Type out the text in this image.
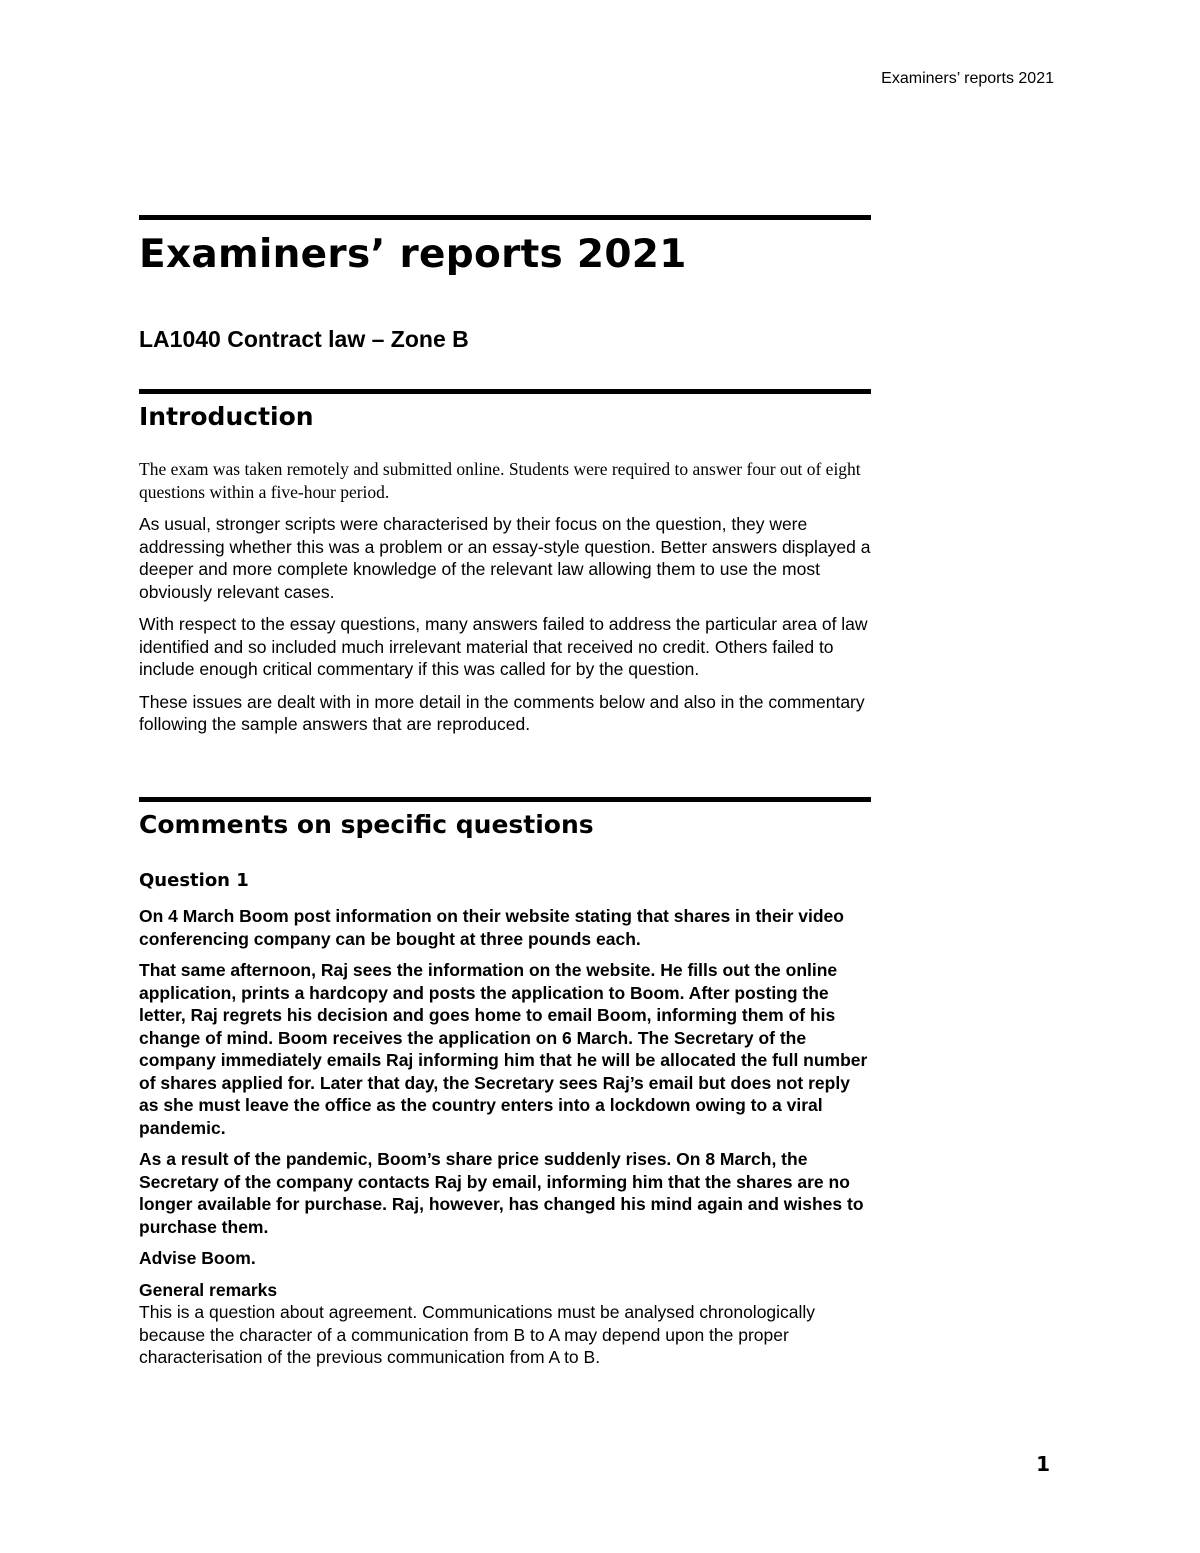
Examiners’ reports 2021
Examiners’ reports 2021
LA1040 Contract law – Zone B
Introduction

The exam was taken remotely and submitted online. Students were required to answer four out of eight questions within a five-hour period.

As usual, stronger scripts were characterised by their focus on the question, they were addressing whether this was a problem or an essay-style question. Better answers displayed a deeper and more complete knowledge of the relevant law allowing them to use the most obviously relevant cases.

With respect to the essay questions, many answers failed to address the particular area of law identified and so included much irrelevant material that received no credit. Others failed to include enough critical commentary if this was called for by the question.

These issues are dealt with in more detail in the comments below and also in the commentary following the sample answers that are reproduced.

Comments on specific questions
Question 1

On 4 March Boom post information on their website stating that shares in their video conferencing company can be bought at three pounds each.

That same afternoon, Raj sees the information on the website. He fills out the online application, prints a hardcopy and posts the application to Boom. After posting the letter, Raj regrets his decision and goes home to email Boom, informing them of his change of mind. Boom receives the application on 6 March. The Secretary of the company immediately emails Raj informing him that he will be allocated the full number of shares applied for. Later that day, the Secretary sees Raj’s email but does not reply as she must leave the office as the country enters into a lockdown owing to a viral pandemic.

As a result of the pandemic, Boom’s share price suddenly rises. On 8 March, the Secretary of the company contacts Raj by email, informing him that the shares are no longer available for purchase. Raj, however, has changed his mind again and wishes to purchase them.

Advise Boom.

General remarks

This is a question about agreement. Communications must be analysed chronologically because the character of a communication from B to A may depend upon the proper characterisation of the previous communication from A to B.

1
